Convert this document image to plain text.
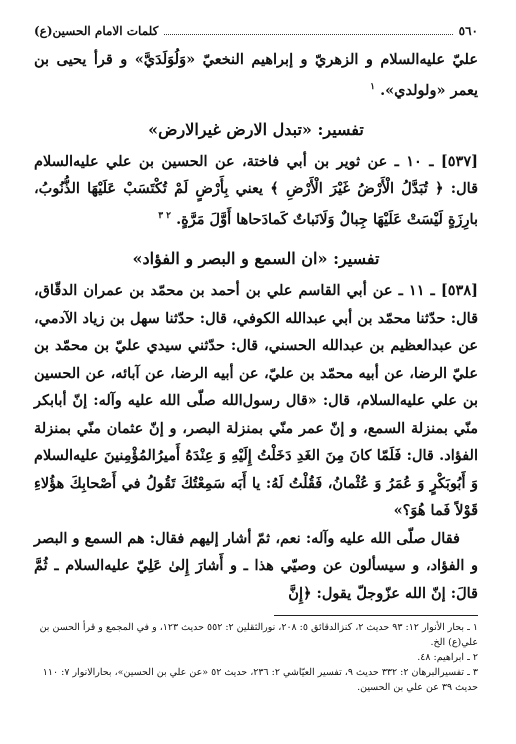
٥٦٠
كلمات الامام الحسين(ع)

عليّ عليه‌السلام و الزهريّ و إبراهيم النخعيّ «وَلُوَلَدَيَّ» و قرأ يحيى بن يعمر «ولولدي». $^١$

تفسير: «تبدل الارض غيرالارض»

[٥٣٧] ـ ١٠ ـ عن ثوير بن أبي فاختة، عن الحسين بن علي عليه‌السلام قال: ﴿ تُبَدَّلُ الْأَرْضُ غَيْرَ الْأَرْضِ ﴾ يعني بِأَرْضٍ لَمْ تُكْتَسَبْ عَلَيْهَا الذُّنُوبُ، بارِزَةٍ لَيْسَتْ عَلَيْهَا جِبالٌ وَلَانَباتٌ كَمادَحاها أَوَّلَ مَرَّةٍ. $^{٢ ٣}$

تفسير: «ان السمع و البصر و الفؤاد»

[٥٣٨] ـ ١١ ـ عن أبي القاسم علي بن أحمد بن محمّد بن عمران الدقّاق، قال: حدّثنا محمّد بن أبي عبدالله الكوفي، قال: حدّثنا سهل بن زياد الآدمي، عن عبدالعظيم بن عبدالله الحسني، قال: حدّثني سيدي عليّ بن محمّد بن عليّ الرضا، عن أبيه محمّد بن عليّ، عن أبيه الرضا، عن آبائه، عن الحسين بن علي عليه‌السلام، قال: «قال رسول‌الله صلّى الله عليه وآله: إنّ أبابكر منّي بمنزلة السمع، و إنّ عمر منّي بمنزلة البصر، و إنّ عثمان منّي بمنزلة الفؤاد. قال: فَلَمّا كانَ مِنَ الغَدِ دَخَلْتُ إِلَيْهِ وَ عِنْدَهُ أَميرُالمُؤْمِنينَ عليه‌السلام وَ أَبُوبَكْرٍ وَ عُمَرُ وَ عُثْمانُ، فَقُلْتُ لَهُ: يا أَبَه سَمِعْتُكَ تَقُولُ في أَصْحابِكَ هؤُلاءِ قَوْلاً فَما هُوَ؟»

فقال صلّى الله عليه وآله: نعم، ثمّ أشار إليهم فقال: هم السمع و البصر و الفؤاد، و سيسألون عن وصيّي هذا ـ و أَشارَ إِلىٰ عَلِيّ عليه‌السلام ـ ثُمَّ قالَ: إنّ الله عزّوجلّ يقول: ﴿إِنَّ

١ ـ بحار الأنوار ١٢: ٩٣ حديث ٢، كنزالدقائق ٥: ٢٠٨، نورالثقلين ٢: ٥٥٢ حديث ١٢٣، و في المجمع و قرأ الحسن بن علي(ع) الخ.

٢ ـ ابراهيم: ٤٨.

٣ ـ تفسيرالبرهان ٢: ٣٣٢ حديث ٩، تفسير العيّاشي ٢: ٢٣٦، حديث ٥٢ «عن علي بن الحسين»، بحارالانوار ٧: ١١٠ حديث ٣٩ عن علي بن الحسين.
